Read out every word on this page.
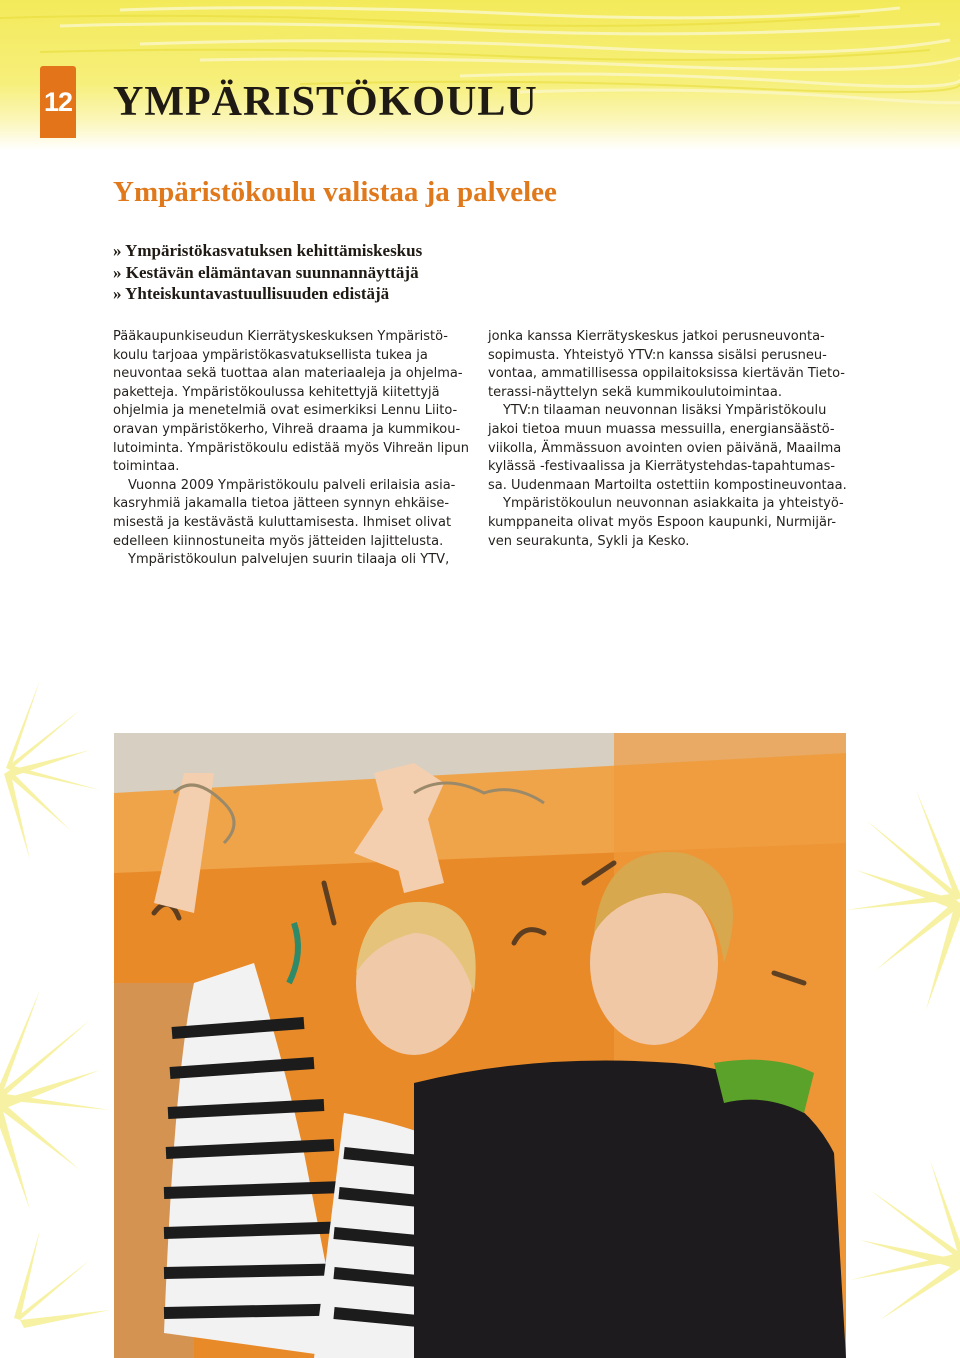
12 YMPÄRISTÖKOULU
Ympäristökoulu valistaa ja palvelee
» Ympäristökasvatuksen kehittämiskeskus
» Kestävän elämäntavan suunnannäyttäjä
» Yhteiskuntavastuullisuuden edistäjä

Pääkaupunkiseudun Kierrätyskeskuksen Ympäristö-
koulu tarjoaa ympäristökasvatuksellista tukea ja
neuvontaa sekä tuottaa alan materiaaleja ja ohjelma-
paketteja. Ympäristökoulussa kehitettyjä kiitettyjä
ohjelmia ja menetelmiä ovat esimerkiksi Lennu Liito-
oravan ympäristökerho, Vihreä draama ja kummikou-
lutoiminta. Ympäristökoulu edistää myös Vihreän lipun
toimintaa.

Vuonna 2009 Ympäristökoulu palveli erilaisia asia-
kasryhmiä jakamalla tietoa jätteen synnyn ehkäise-
misestä ja kestävästä kuluttamisesta. Ihmiset olivat
edelleen kiinnostuneita myös jätteiden lajittelusta.

Ympäristökoulun palvelujen suurin tilaaja oli YTV,

jonka kanssa Kierrätyskeskus jatkoi perusneuvonta-
sopimusta. Yhteistyö YTV:n kanssa sisälsi perusneu-
vontaa, ammatillisessa oppilaitoksissa kiertävän Tieto-
terassi-näyttelyn sekä kummikoulutoimintaa.

YTV:n tilaaman neuvonnan lisäksi Ympäristökoulu
jakoi tietoa muun muassa messuilla, energiansäästö-
viikolla, Ämmässuon avointen ovien päivänä, Maailma
kylässä -festivaalissa ja Kierrätystehdas-tapahtumas-
sa. Uudenmaan Martoilta ostettiin kompostineuvontaa.

Ympäristökoulun neuvonnan asiakkaita ja yhteistyö-
kumppaneita olivat myös Espoon kaupunki, Nurmijär-
ven seurakunta, Sykli ja Kesko.
